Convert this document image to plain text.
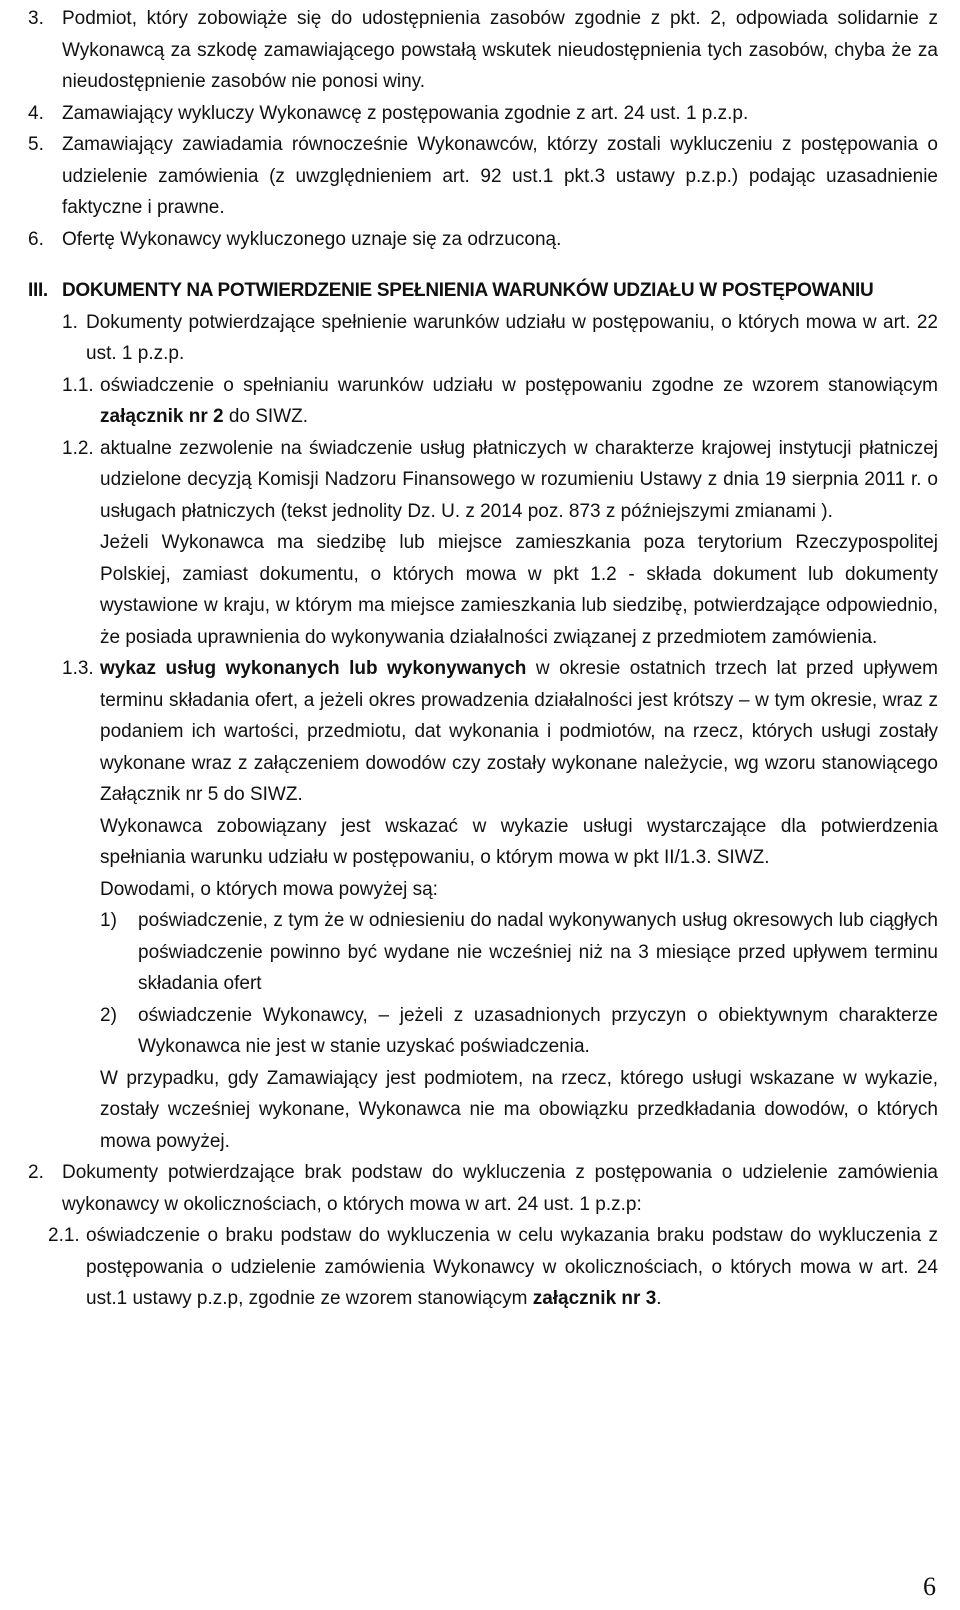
3. Podmiot, który zobowiąże się do udostępnienia zasobów zgodnie z pkt. 2, odpowiada solidarnie z Wykonawcą za szkodę zamawiającego powstałą wskutek nieudostępnienia tych zasobów, chyba że za nieudostępnienie zasobów nie ponosi winy.
4. Zamawiający wykluczy Wykonawcę z postępowania zgodnie z art. 24 ust. 1 p.z.p.
5. Zamawiający zawiadamia równocześnie Wykonawców, którzy zostali wykluczeniu z postępowania o udzielenie zamówienia (z uwzględnieniem art. 92 ust.1 pkt.3 ustawy p.z.p.) podając uzasadnienie faktyczne i prawne.
6. Ofertę Wykonawcy wykluczonego uznaje się za odrzuconą.
III. DOKUMENTY NA POTWIERDZENIE SPEŁNIENIA WARUNKÓW UDZIAŁU W POSTĘPOWANIU
1. Dokumenty potwierdzające spełnienie warunków udziału w postępowaniu, o których mowa w art. 22 ust. 1 p.z.p.
1.1. oświadczenie o spełnianiu warunków udziału w postępowaniu zgodne ze wzorem stanowiącym załącznik nr 2 do SIWZ.
1.2. aktualne zezwolenie na świadczenie usług płatniczych w charakterze krajowej instytucji płatniczej udzielone decyzją Komisji Nadzoru Finansowego w rozumieniu Ustawy z dnia 19 sierpnia 2011 r. o usługach płatniczych (tekst jednolity Dz. U. z 2014 poz. 873 z późniejszymi zmianami ).

Jeżeli Wykonawca ma siedzibę lub miejsce zamieszkania poza terytorium Rzeczypospolitej Polskiej, zamiast dokumentu, o których mowa w pkt 1.2 - składa dokument lub dokumenty wystawione w kraju, w którym ma miejsce zamieszkania lub siedzibę, potwierdzające odpowiednio, że posiada uprawnienia do wykonywania działalności związanej z przedmiotem zamówienia.

1.3. wykaz usług wykonanych lub wykonywanych w okresie ostatnich trzech lat przed upływem terminu składania ofert, a jeżeli okres prowadzenia działalności jest krótszy – w tym okresie, wraz z podaniem ich wartości, przedmiotu, dat wykonania i podmiotów, na rzecz, których usługi zostały wykonane wraz z załączeniem dowodów czy zostały wykonane należycie, wg wzoru stanowiącego Załącznik nr 5 do SIWZ.

Wykonawca zobowiązany jest wskazać w wykazie usługi wystarczające dla potwierdzenia spełniania warunku udziału w postępowaniu, o którym mowa w pkt II/1.3. SIWZ.

Dowodami, o których mowa powyżej są:

1)	poświadczenie, z tym że w odniesieniu do nadal wykonywanych usług okresowych lub ciągłych poświadczenie powinno być wydane nie wcześniej niż na 3 miesiące przed upływem terminu składania ofert
2)	oświadczenie Wykonawcy, – jeżeli z uzasadnionych przyczyn o obiektywnym charakterze Wykonawca nie jest w stanie uzyskać poświadczenia.

W przypadku, gdy Zamawiający jest podmiotem, na rzecz, którego usługi wskazane w wykazie, zostały wcześniej wykonane, Wykonawca nie ma obowiązku przedkładania dowodów, o których mowa powyżej.

2. Dokumenty potwierdzające brak podstaw do wykluczenia z postępowania o udzielenie zamówienia wykonawcy w okolicznościach, o których mowa w art. 24 ust. 1 p.z.p:
2.1. oświadczenie o braku podstaw do wykluczenia w celu wykazania braku podstaw do wykluczenia z postępowania o udzielenie zamówienia Wykonawcy w okolicznościach, o których mowa w art. 24 ust.1 ustawy p.z.p, zgodnie ze wzorem stanowiącym załącznik nr 3.
6
